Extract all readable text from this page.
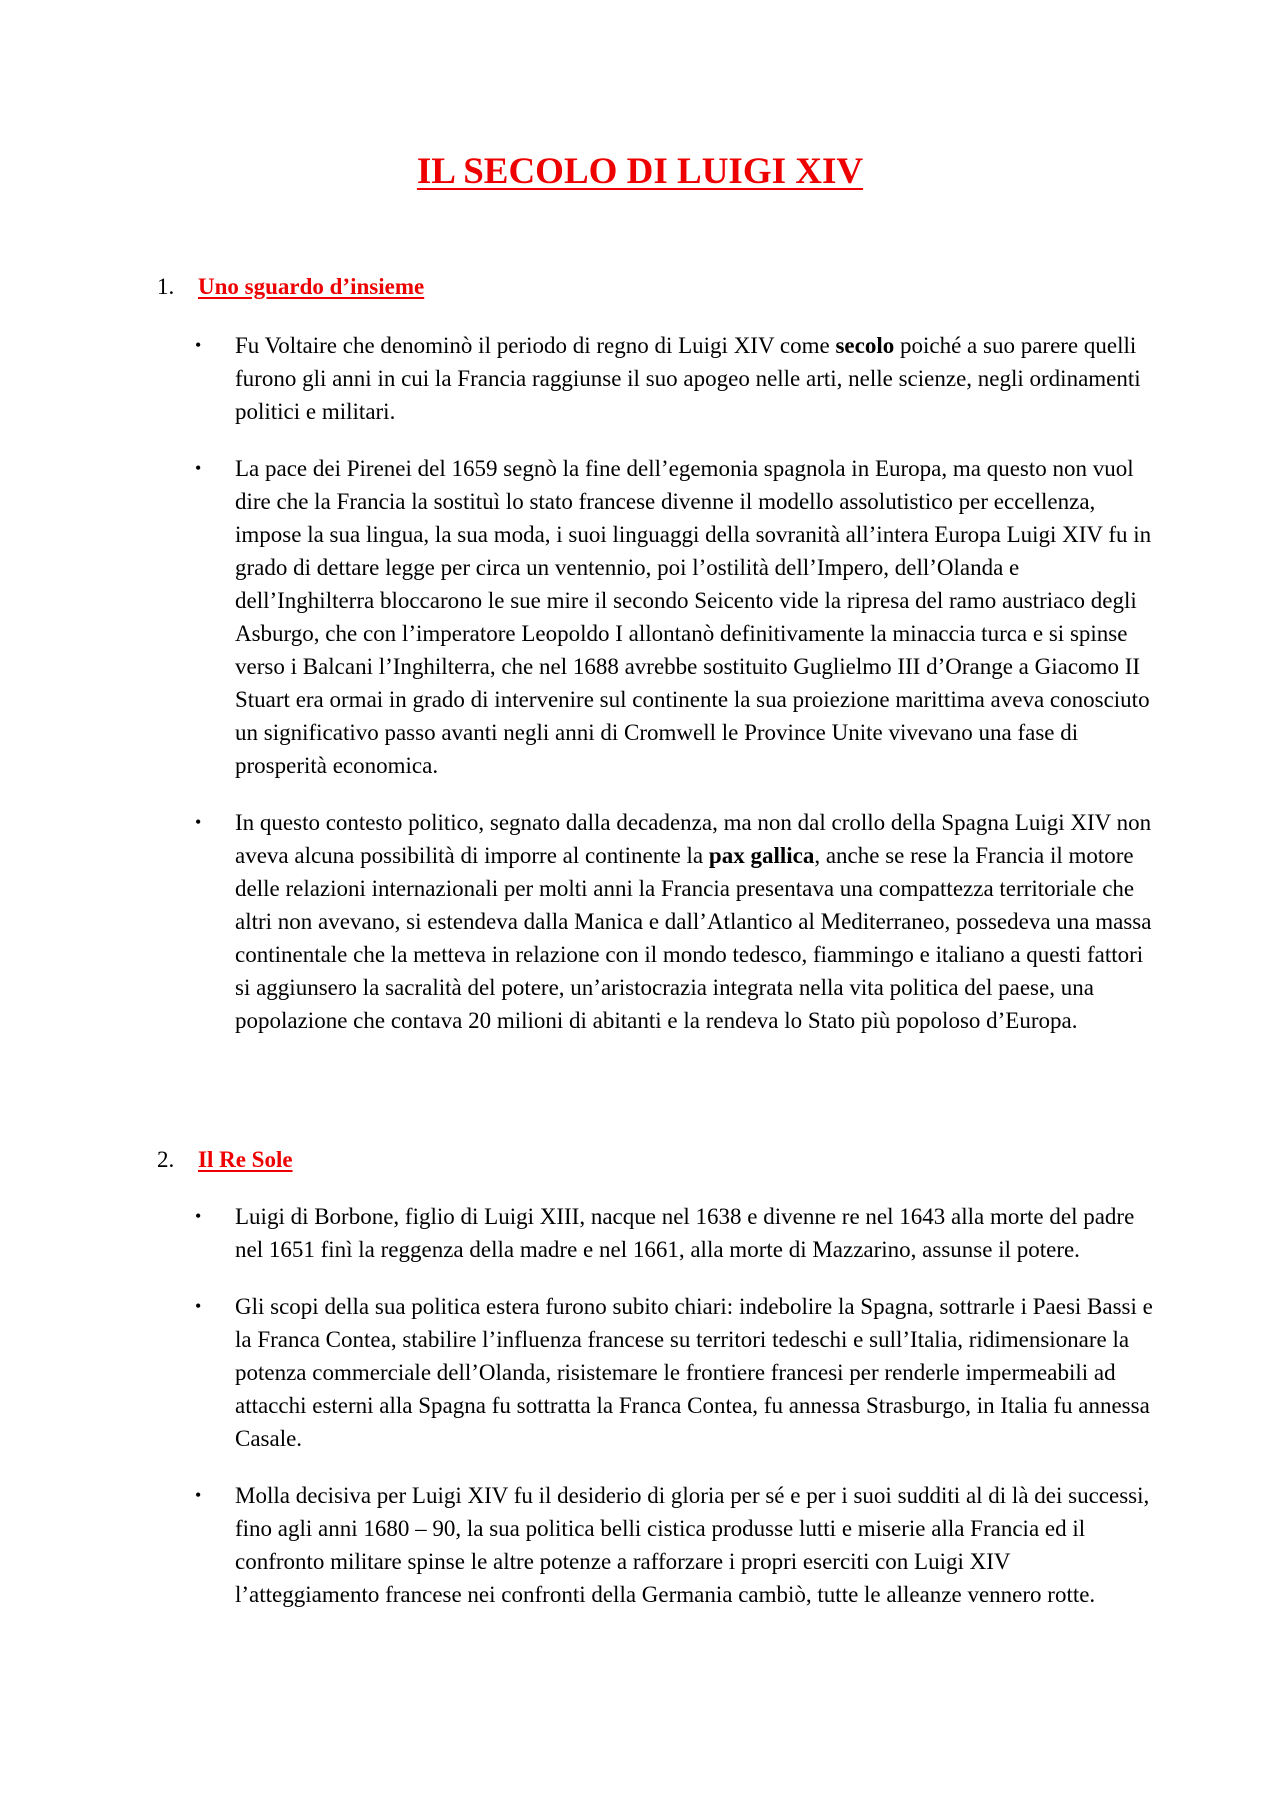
IL SECOLO DI LUIGI XIV
1. Uno sguardo d’insieme
• Fu Voltaire che denominò il periodo di regno di Luigi XIV come secolo poiché a suo parere quelli furono gli anni in cui la Francia raggiunse il suo apogeo nelle arti, nelle scienze, negli ordinamenti politici e militari.
• La pace dei Pirenei del 1659 segnò la fine dell’egemonia spagnola in Europa, ma questo non vuol dire che la Francia la sostituì lo stato francese divenne il modello assolutistico per eccellenza, impose la sua lingua, la sua moda, i suoi linguaggi della sovranità all’intera Europa Luigi XIV fu in grado di dettare legge per circa un ventennio, poi l’ostilità dell’Impero, dell’Olanda e dell’Inghilterra bloccarono le sue mire il secondo Seicento vide la ripresa del ramo austriaco degli Asburgo, che con l’imperatore Leopoldo I allontanò definitivamente la minaccia turca e si spinse verso i Balcani l’Inghilterra, che nel 1688 avrebbe sostituito Guglielmo III d’Orange a Giacomo II Stuart era ormai in grado di intervenire sul continente la sua proiezione marittima aveva conosciuto un significativo passo avanti negli anni di Cromwell le Province Unite vivevano una fase di prosperità economica.
• In questo contesto politico, segnato dalla decadenza, ma non dal crollo della Spagna Luigi XIV non aveva alcuna possibilità di imporre al continente la pax gallica, anche se rese la Francia il motore delle relazioni internazionali per molti anni la Francia presentava una compattezza territoriale che altri non avevano, si estendeva dalla Manica e dall’Atlantico al Mediterraneo, possedeva una massa continentale che la metteva in relazione con il mondo tedesco, fiammingo e italiano a questi fattori si aggiunsero la sacralità del potere, un’aristocrazia integrata nella vita politica del paese, una popolazione che contava 20 milioni di abitanti e la rendeva lo Stato più popoloso d’Europa.
2. Il Re Sole
• Luigi di Borbone, figlio di Luigi XIII, nacque nel 1638 e divenne re nel 1643 alla morte del padre nel 1651 finì la reggenza della madre e nel 1661, alla morte di Mazzarino, assunse il potere.
• Gli scopi della sua politica estera furono subito chiari: indebolire la Spagna, sottrarle i Paesi Bassi e la Franca Contea, stabilire l’influenza francese su territori tedeschi e sull’Italia, ridimensionare la potenza commerciale dell’Olanda, risistemare le frontiere francesi per renderle impermeabili ad attacchi esterni alla Spagna fu sottratta la Franca Contea, fu annessa Strasburgo, in Italia fu annessa Casale.
• Molla decisiva per Luigi XIV fu il desiderio di gloria per sé e per i suoi sudditi al di là dei successi, fino agli anni 1680 – 90, la sua politica belli cistica produsse lutti e miserie alla Francia ed il confronto militare spinse le altre potenze a rafforzare i propri eserciti con Luigi XIV l’atteggiamento francese nei confronti della Germania cambiò, tutte le alleanze vennero rotte.
